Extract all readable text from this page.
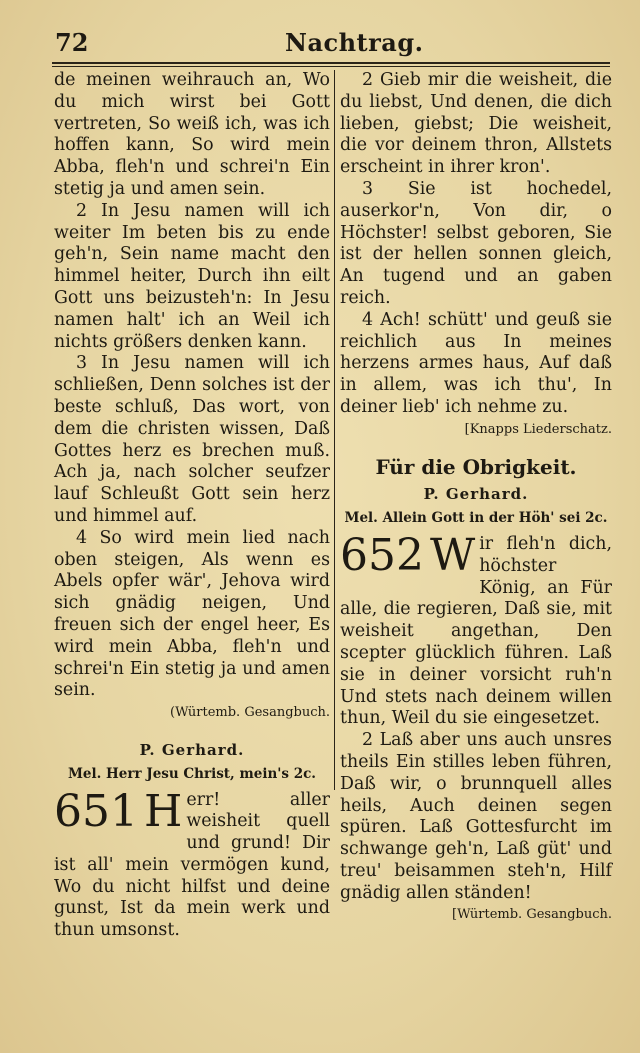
72	Nachtrag.

de meinen weihrauch an, Wo du mich wirst bei Gott vertreten, So weiß ich, was ich hoffen kann, So wird mein Abba, fleh'n und schrei'n Ein stetig ja und amen sein.

2 In Jesu namen will ich weiter Im beten bis zu ende geh'n, Sein name macht den himmel heiter, Durch ihn eilt Gott uns beizusteh'n: In Jesu namen halt' ich an Weil ich nichts größers denken kann.

3 In Jesu namen will ich schließen, Denn solches ist der beste schluß, Das wort, von dem die christen wissen, Daß Gottes herz es brechen muß. Ach ja, nach solcher seufzer lauf Schleußt Gott sein herz und himmel auf.

4 So wird mein lied nach oben steigen, Als wenn es Abels opfer wär', Jehova wird sich gnädig neigen, Und freuen sich der engel heer, Es wird mein Abba, fleh'n und schrei'n Ein stetig ja und amen sein.

(Würtemb. Gesangbuch.
P. Gerhard.
Mel. Herr Jesu Christ, mein's 2c.
651 H err! aller weisheit quell und grund! Dir ist all' mein vermögen kund, Wo du nicht hilfst und deine gunst, Ist da mein werk und thun umsonst.

2 Gieb mir die weisheit, die du liebst, Und denen, die dich lieben, giebst; Die weisheit, die vor deinem thron, Allstets erscheint in ihrer kron'.

3 Sie ist hochedel, auserkor'n, Von dir, o Höchster! selbst geboren, Sie ist der hellen sonnen gleich, An tugend und an gaben reich.

4 Ach! schütt' und geuß sie reichlich aus In meines herzens armes haus, Auf daß in allem, was ich thu', In deiner lieb' ich nehme zu.

[Knapps Liederschatz.
Für die Obrigkeit.
P. Gerhard.
Mel. Allein Gott in der Höh' sei 2c.
652 W ir fleh'n dich, höchster König, an Für alle, die regieren, Daß sie, mit weisheit angethan, Den scepter glücklich führen. Laß sie in deiner vorsicht ruh'n Und stets nach deinem willen thun, Weil du sie eingesetzet.

2 Laß aber uns auch unsres theils Ein stilles leben führen, Daß wir, o brunnquell alles heils, Auch deinen segen spüren. Laß Gottesfurcht im schwange geh'n, Laß güt' und treu' beisammen steh'n, Hilf gnädig allen ständen!

[Würtemb. Gesangbuch.
